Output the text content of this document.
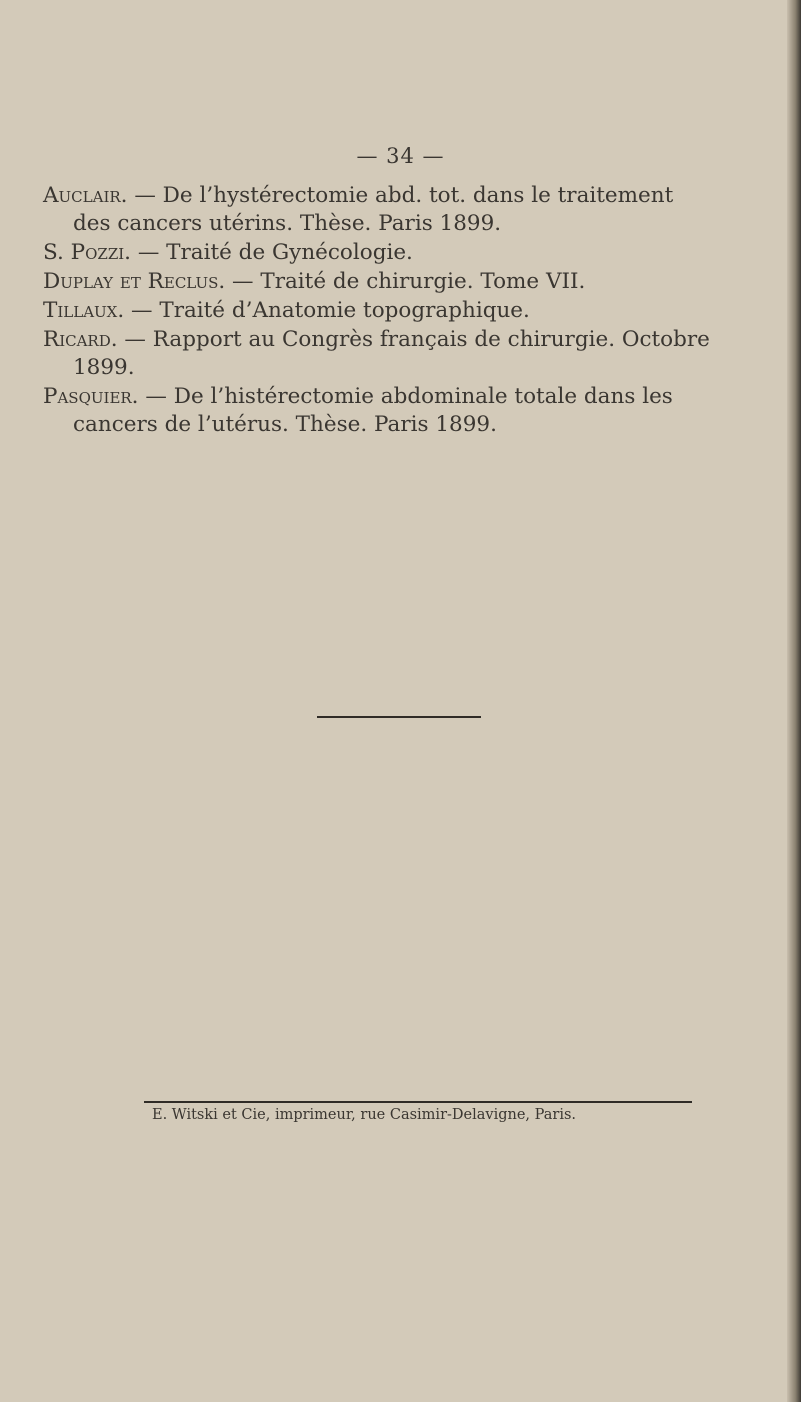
— 34 —

Auclair. — De l’hystérectomie abd. tot. dans le traitement des cancers utérins. Thèse. Paris 1899.

S. Pozzi. — Traité de Gynécologie.

Duplay et Reclus. — Traité de chirurgie. Tome VII.

Tillaux. — Traité d’Anatomie topographique.

Ricard. — Rapport au Congrès français de chirurgie. Octobre 1899.

Pasquier. — De l’histérectomie abdominale totale dans les cancers de l’utérus. Thèse. Paris 1899.

E. Witski et Cie, imprimeur, rue Casimir-Delavigne, Paris.
